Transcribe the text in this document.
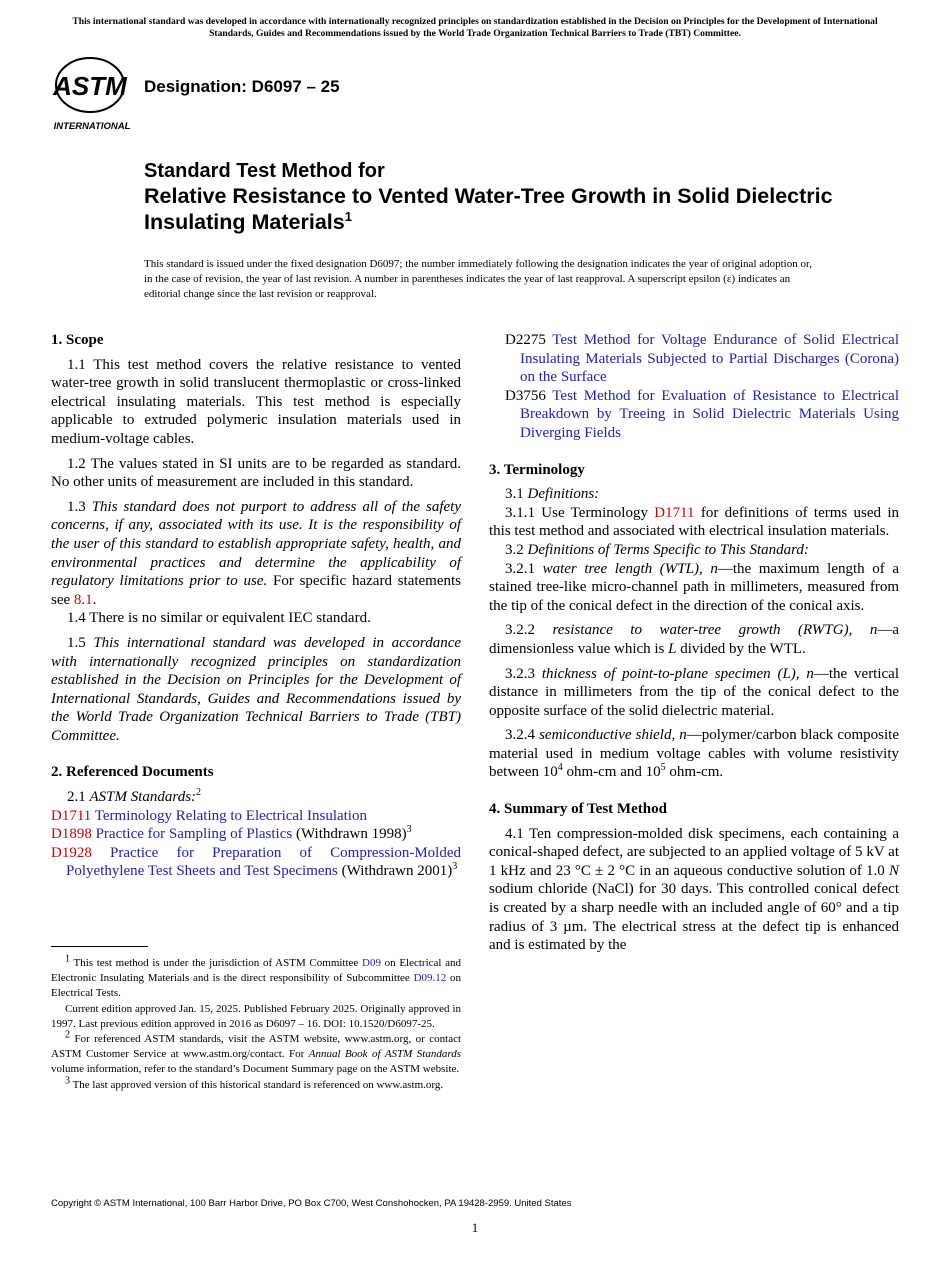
This international standard was developed in accordance with internationally recognized principles on standardization established in the Decision on Principles for the Development of International Standards, Guides and Recommendations issued by the World Trade Organization Technical Barriers to Trade (TBT) Committee.
ASTM
INTERNATIONAL
Designation: D6097 – 25
Standard Test Method for
Relative Resistance to Vented Water-Tree Growth in Solid Dielectric Insulating Materials$^1$
This standard is issued under the fixed designation D6097; the number immediately following the designation indicates the year of original adoption or, in the case of revision, the year of last revision. A number in parentheses indicates the year of last reapproval. A superscript epsilon (ε) indicates an editorial change since the last revision or reapproval.
1. Scope

1.1 This test method covers the relative resistance to vented water-tree growth in solid translucent thermoplastic or cross-linked electrical insulating materials. This test method is especially applicable to extruded polymeric insulation materials used in medium-voltage cables.

1.2 The values stated in SI units are to be regarded as standard. No other units of measurement are included in this standard.

1.3 This standard does not purport to address all of the safety concerns, if any, associated with its use. It is the responsibility of the user of this standard to establish appropriate safety, health, and environmental practices and determine the applicability of regulatory limitations prior to use. For specific hazard statements see 8.1.

1.4 There is no similar or equivalent IEC standard.

1.5 This international standard was developed in accordance with internationally recognized principles on standardization established in the Decision on Principles for the Development of International Standards, Guides and Recommendations issued by the World Trade Organization Technical Barriers to Trade (TBT) Committee.

2. Referenced Documents

2.1 ASTM Standards:$^2$

D1711 Terminology Relating to Electrical Insulation
D1898 Practice for Sampling of Plastics (Withdrawn 1998)$^3$
D1928 Practice for Preparation of Compression-Molded Polyethylene Test Sheets and Test Specimens (Withdrawn 2001)$^3$

$^1$ This test method is under the jurisdiction of ASTM Committee D09 on Electrical and Electronic Insulating Materials and is the direct responsibility of Subcommittee D09.12 on Electrical Tests.

Current edition approved Jan. 15, 2025. Published February 2025. Originally approved in 1997. Last previous edition approved in 2016 as D6097 – 16. DOI: 10.1520/D6097-25.

$^2$ For referenced ASTM standards, visit the ASTM website, www.astm.org, or contact ASTM Customer Service at www.astm.org/contact. For Annual Book of ASTM Standards volume information, refer to the standard’s Document Summary page on the ASTM website.

$^3$ The last approved version of this historical standard is referenced on www.astm.org.

D2275 Test Method for Voltage Endurance of Solid Electrical Insulating Materials Subjected to Partial Discharges (Corona) on the Surface
D3756 Test Method for Evaluation of Resistance to Electrical Breakdown by Treeing in Solid Dielectric Materials Using Diverging Fields
3. Terminology

3.1 Definitions:

3.1.1 Use Terminology D1711 for definitions of terms used in this test method and associated with electrical insulation materials.

3.2 Definitions of Terms Specific to This Standard:

3.2.1 water tree length (WTL), n—the maximum length of a stained tree-like micro-channel path in millimeters, measured from the tip of the conical defect in the direction of the conical axis.

3.2.2 resistance to water-tree growth (RWTG), n—a dimensionless value which is L divided by the WTL.

3.2.3 thickness of point-to-plane specimen (L), n—the vertical distance in millimeters from the tip of the conical defect to the opposite surface of the solid dielectric material.

3.2.4 semiconductive shield, n—polymer/carbon black composite material used in medium voltage cables with volume resistivity between $10^4$ ohm-cm and $10^5$ ohm-cm.

4. Summary of Test Method

4.1 Ten compression-molded disk specimens, each containing a conical-shaped defect, are subjected to an applied voltage of 5 kV at 1 kHz and 23 °C ± 2 °C in an aqueous conductive solution of 1.0 N sodium chloride (NaCl) for 30 days. This controlled conical defect is created by a sharp needle with an included angle of 60° and a tip radius of 3 µm. The electrical stress at the defect tip is enhanced and is estimated by the

Copyright © ASTM International, 100 Barr Harbor Drive, PO Box C700, West Conshohocken, PA 19428-2959. United States
1
